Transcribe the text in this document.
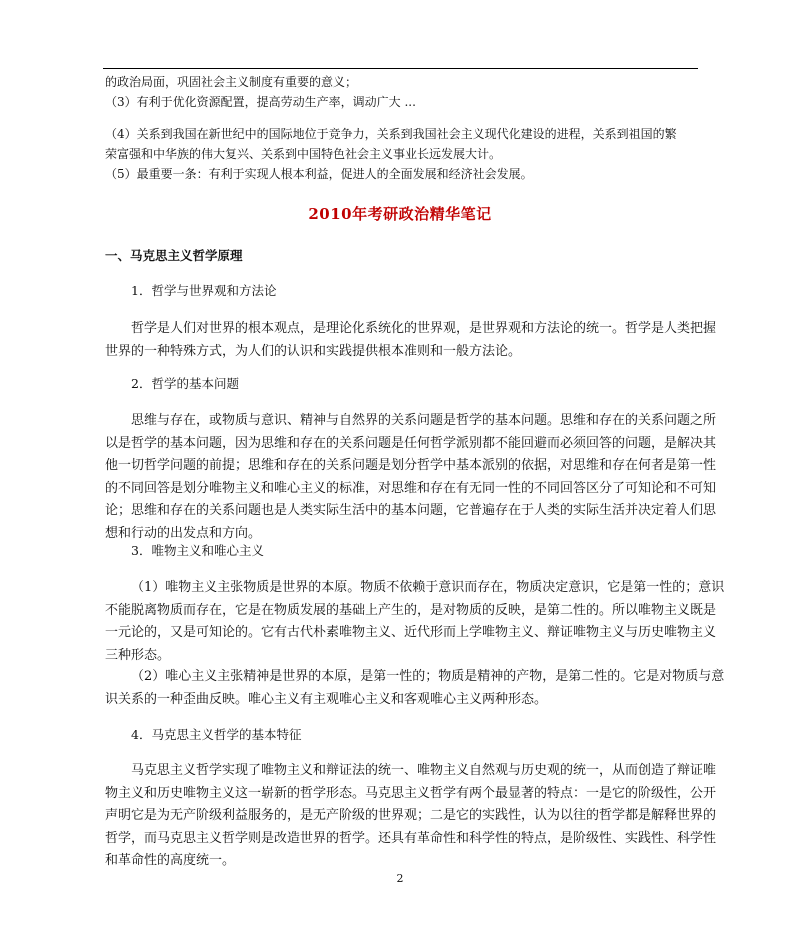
的政治局面，巩固社会主义制度有重要的意义；
（3）有利于优化资源配置，提高劳动生产率，调动广大 ...
（4）关系到我国在新世纪中的国际地位于竞争力，关系到我国社会主义现代化建设的进程，关系到祖国的繁
荣富强和中华族的伟大复兴、关系到中国特色社会主义事业长远发展大计。
（5）最重要一条：有利于实现人根本利益，促进人的全面发展和经济社会发展。
2010年考研政治精华笔记
一、马克思主义哲学原理
1．哲学与世界观和方法论
哲学是人们对世界的根本观点，是理论化系统化的世界观，是世界观和方法论的统一。哲学是人类把握
世界的一种特殊方式，为人们的认识和实践提供根本准则和一般方法论。
2．哲学的基本问题
思维与存在，或物质与意识、精神与自然界的关系问题是哲学的基本问题。思维和存在的关系问题之所
以是哲学的基本问题，因为思维和存在的关系问题是任何哲学派别都不能回避而必须回答的问题，是解决其
他一切哲学问题的前提；思维和存在的关系问题是划分哲学中基本派别的依据，对思维和存在何者是第一性
的不同回答是划分唯物主义和唯心主义的标准，对思维和存在有无同一性的不同回答区分了可知论和不可知
论；思维和存在的关系问题也是人类实际生活中的基本问题，它普遍存在于人类的实际生活并决定着人们思
想和行动的出发点和方向。
3．唯物主义和唯心主义
（1）唯物主义主张物质是世界的本原。物质不依赖于意识而存在，物质决定意识，它是第一性的；意识
不能脱离物质而存在，它是在物质发展的基础上产生的，是对物质的反映，是第二性的。所以唯物主义既是
一元论的，又是可知论的。它有古代朴素唯物主义、近代形而上学唯物主义、辩证唯物主义与历史唯物主义
三种形态。
（2）唯心主义主张精神是世界的本原，是第一性的；物质是精神的产物，是第二性的。它是对物质与意
识关系的一种歪曲反映。唯心主义有主观唯心主义和客观唯心主义两种形态。
4．马克思主义哲学的基本特征
马克思主义哲学实现了唯物主义和辩证法的统一、唯物主义自然观与历史观的统一，从而创造了辩证唯
物主义和历史唯物主义这一崭新的哲学形态。马克思主义哲学有两个最显著的特点：一是它的阶级性，公开
声明它是为无产阶级利益服务的，是无产阶级的世界观；二是它的实践性，认为以往的哲学都是解释世界的
哲学，而马克思主义哲学则是改造世界的哲学。还具有革命性和科学性的特点，是阶级性、实践性、科学性
和革命性的高度统一。
2
